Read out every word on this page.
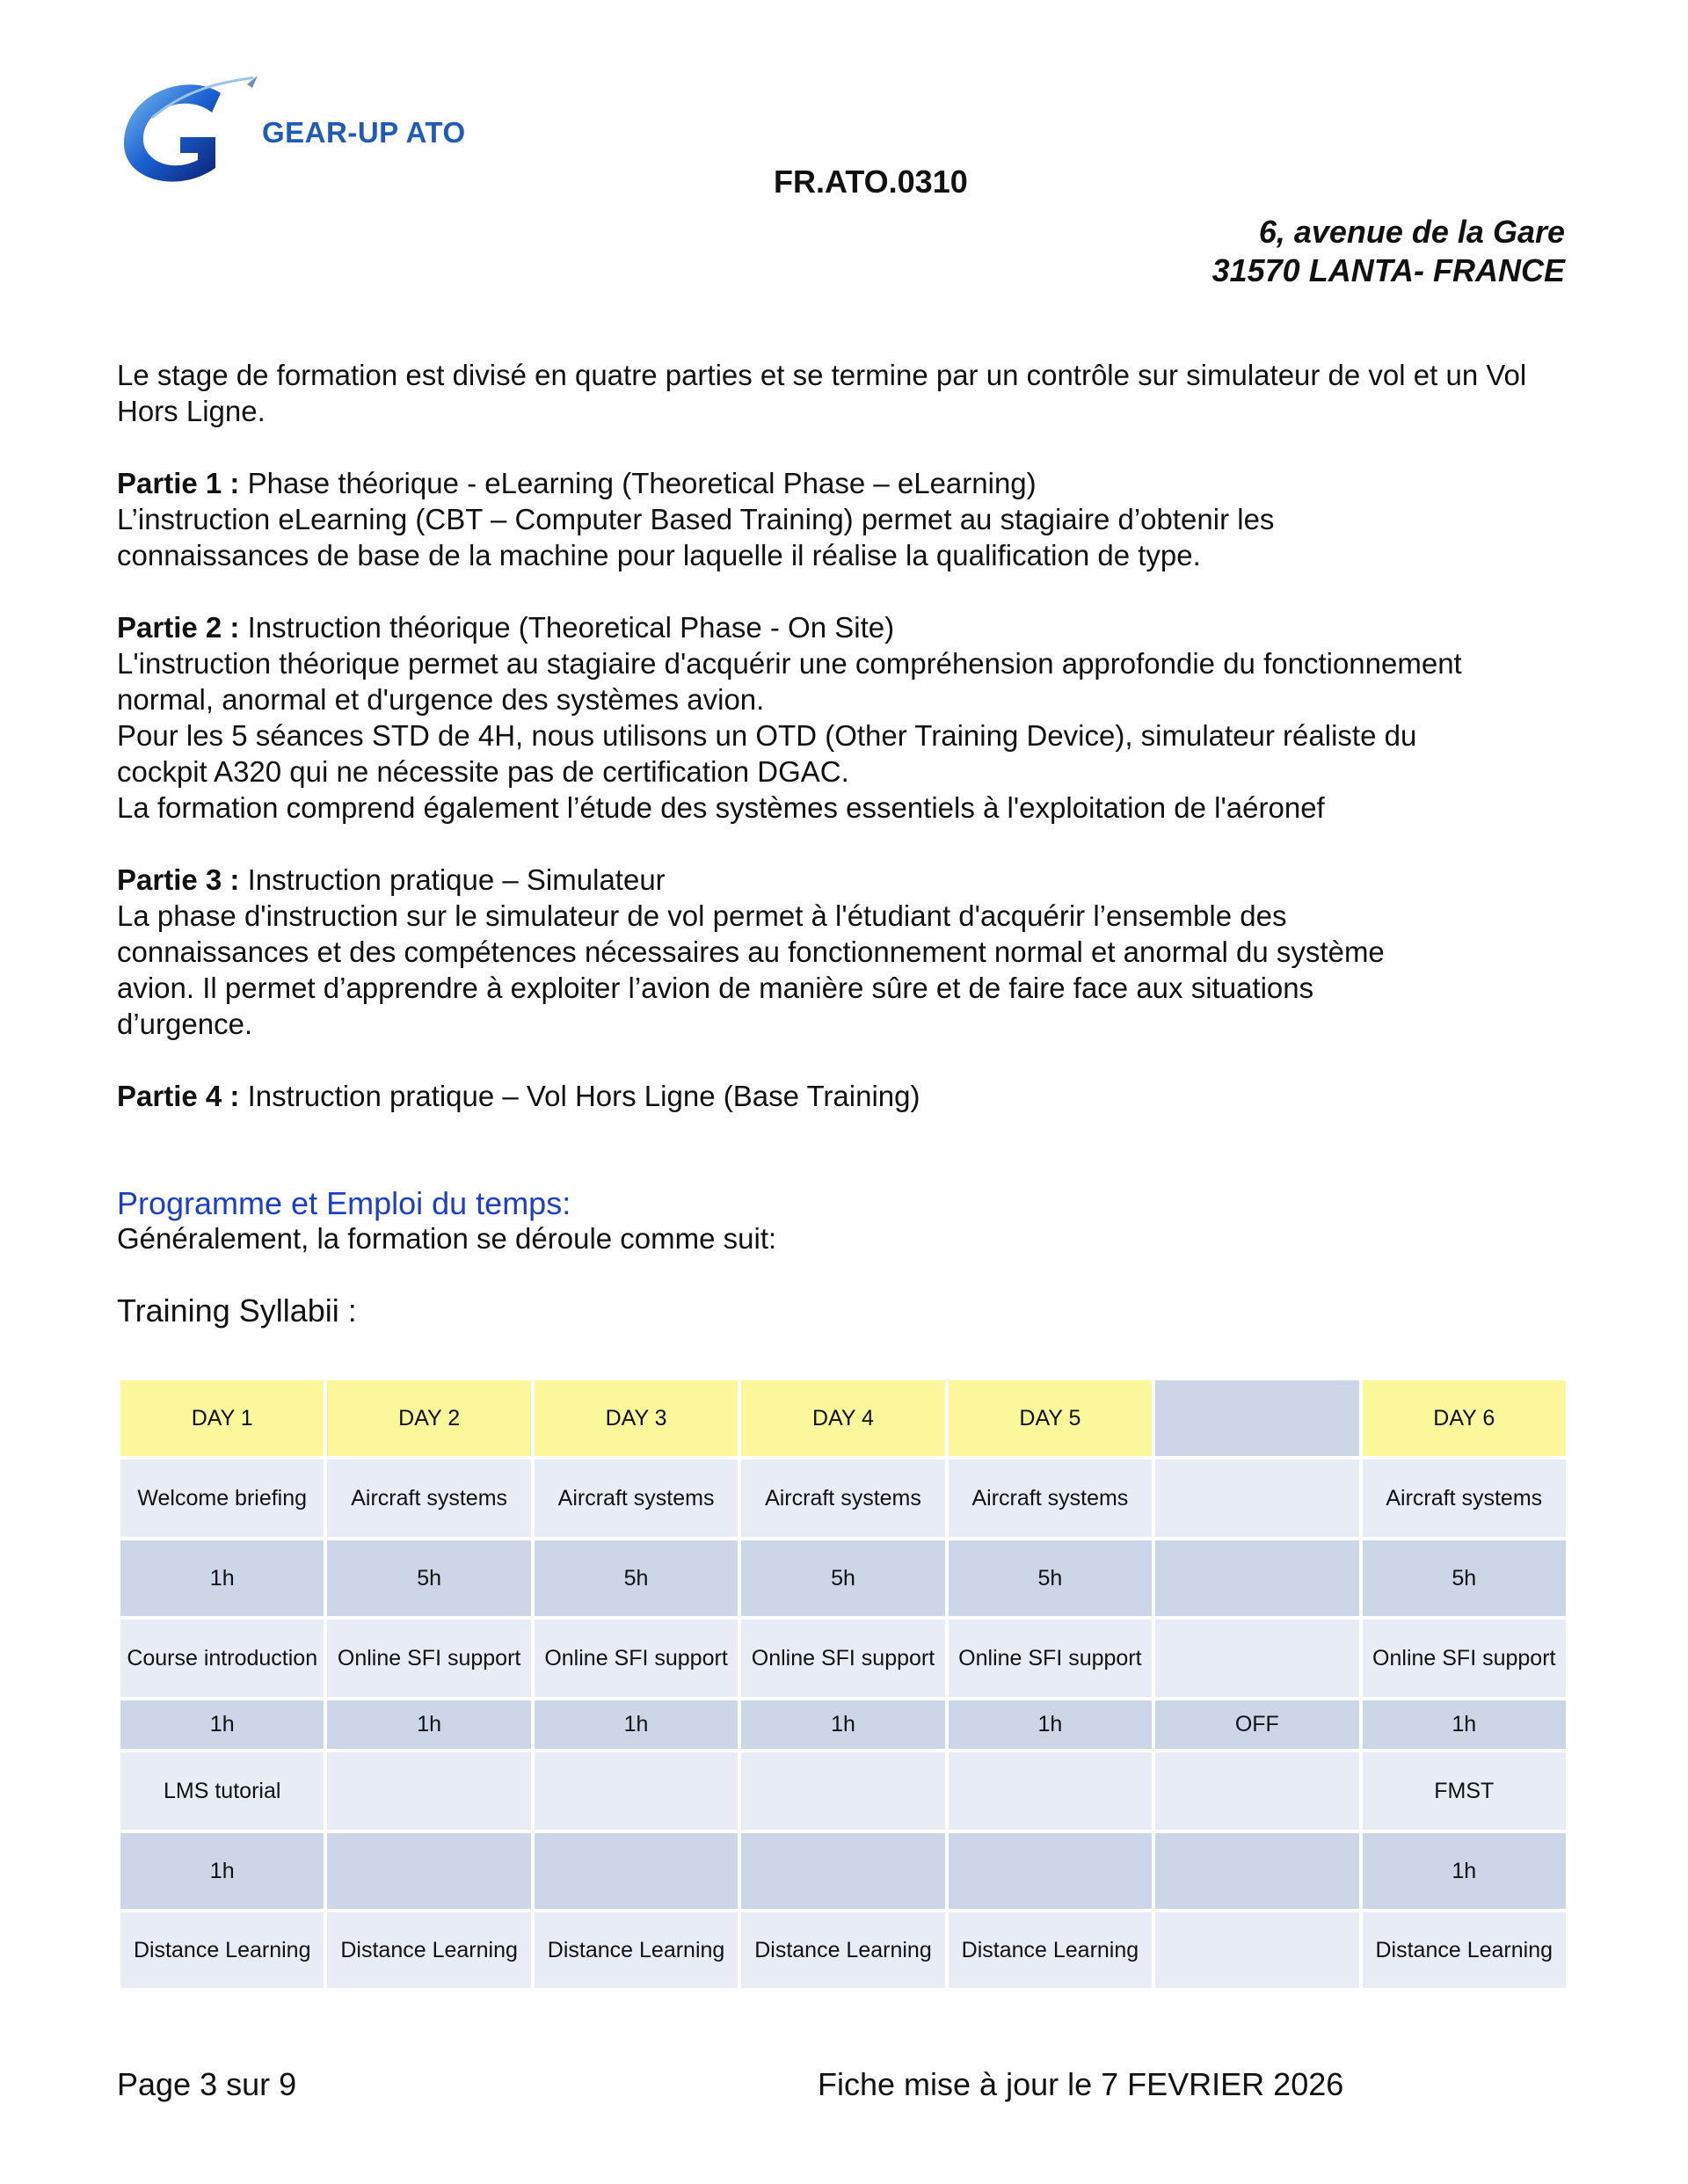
GEAR-UP ATO
FR.ATO.0310
6, avenue de la Gare
31570 LANTA- FRANCE

Le stage de formation est divisé en quatre parties et se termine par un contrôle sur simulateur de vol et un Vol Hors Ligne.

Partie 1 : Phase théorique - eLearning (Theoretical Phase – eLearning)
L’instruction eLearning (CBT – Computer Based Training) permet au stagiaire d’obtenir les
connaissances de base de la machine pour laquelle il réalise la qualification de type.

Partie 2 : Instruction théorique (Theoretical Phase - On Site)
L'instruction théorique permet au stagiaire d'acquérir une compréhension approfondie du fonctionnement
normal, anormal et d'urgence des systèmes avion.
Pour les 5 séances STD de 4H, nous utilisons un OTD (Other Training Device), simulateur réaliste du
cockpit A320 qui ne nécessite pas de certification DGAC.
La formation comprend également l’étude des systèmes essentiels à l'exploitation de l'aéronef

Partie 3 : Instruction pratique – Simulateur
La phase d'instruction sur le simulateur de vol permet à l'étudiant d'acquérir l’ensemble des
connaissances et des compétences nécessaires au fonctionnement normal et anormal du système
avion. Il permet d’apprendre à exploiter l’avion de manière sûre et de faire face aux situations
d’urgence.

Partie 4 : Instruction pratique – Vol Hors Ligne (Base Training)

Programme et Emploi du temps:
Généralement, la formation se déroule comme suit:
Training Syllabii :
DAY 1	DAY 2	DAY 3	DAY 4	DAY 5		DAY 6
Welcome briefing	Aircraft systems	Aircraft systems	Aircraft systems	Aircraft systems		Aircraft systems
1h	5h	5h	5h	5h		5h
Course introduction	Online SFI support	Online SFI support	Online SFI support	Online SFI support		Online SFI support
1h	1h	1h	1h	1h	OFF	1h
LMS tutorial						FMST
1h						1h
Distance Learning	Distance Learning	Distance Learning	Distance Learning	Distance Learning		Distance Learning
Page 3 sur 9	Fiche mise à jour le 7 FEVRIER 2026
